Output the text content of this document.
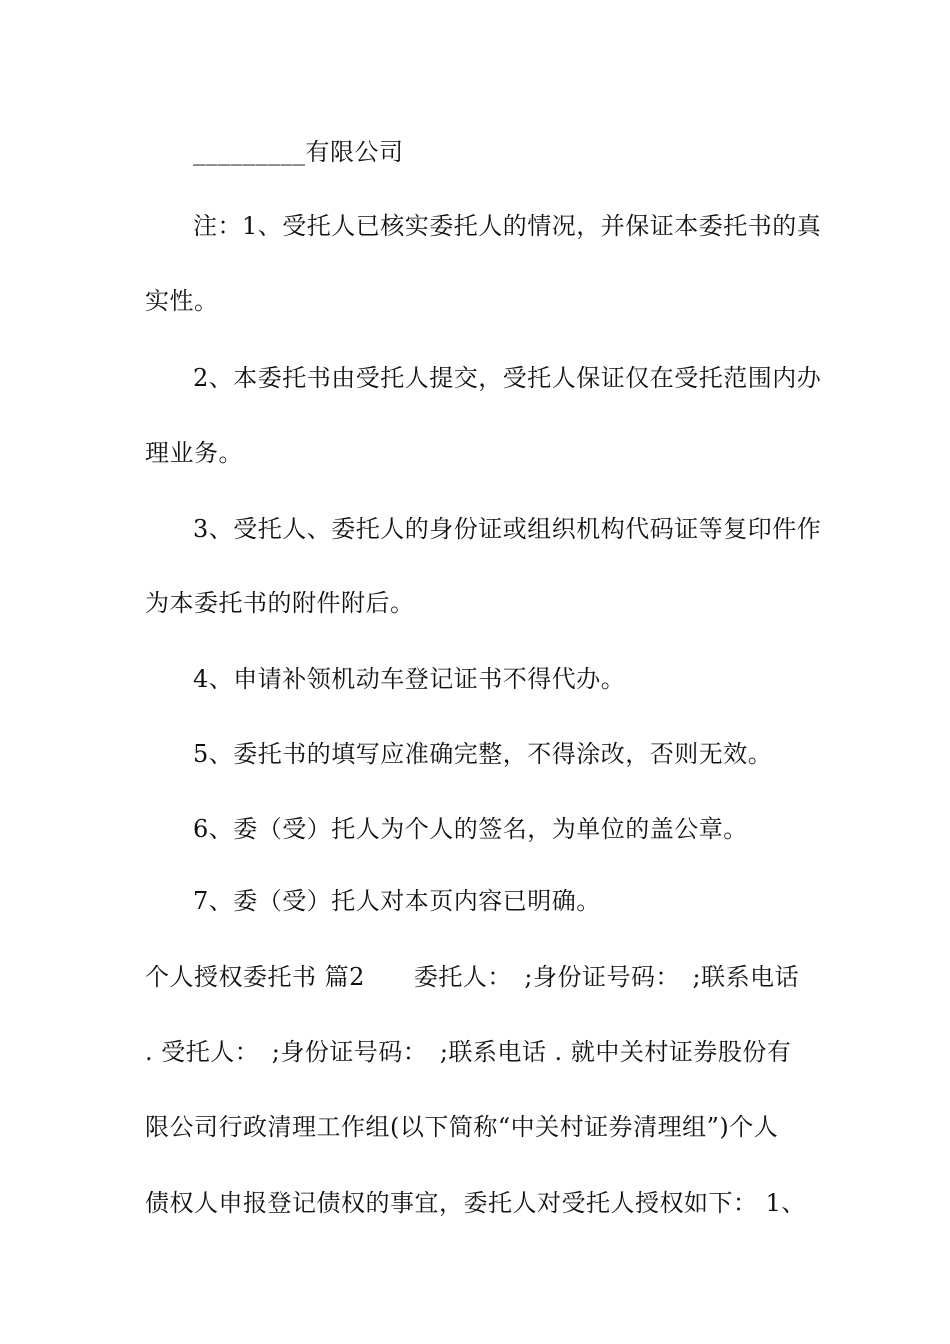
_________有限公司
注：1、受托人已核实委托人的情况，并保证本委托书的真
实性。
2、本委托书由受托人提交，受托人保证仅在受托范围内办
理业务。
3、受托人、委托人的身份证或组织机构代码证等复印件作
为本委托书的附件附后。
4、申请补领机动车登记证书不得代办。
5、委托书的填写应准确完整，不得涂改，否则无效。
6、委（受）托人为个人的签名，为单位的盖公章。
7、委（受）托人对本页内容已明确。
个人授权委托书 篇2　　委托人：　;身份证号码：　;联系电话
. 受托人：　;身份证号码：　;联系电话 . 就中关村证券股份有
限公司行政清理工作组(以下简称“中关村证券清理组”)个人
债权人申报登记债权的事宜，委托人对受托人授权如下： 1、
